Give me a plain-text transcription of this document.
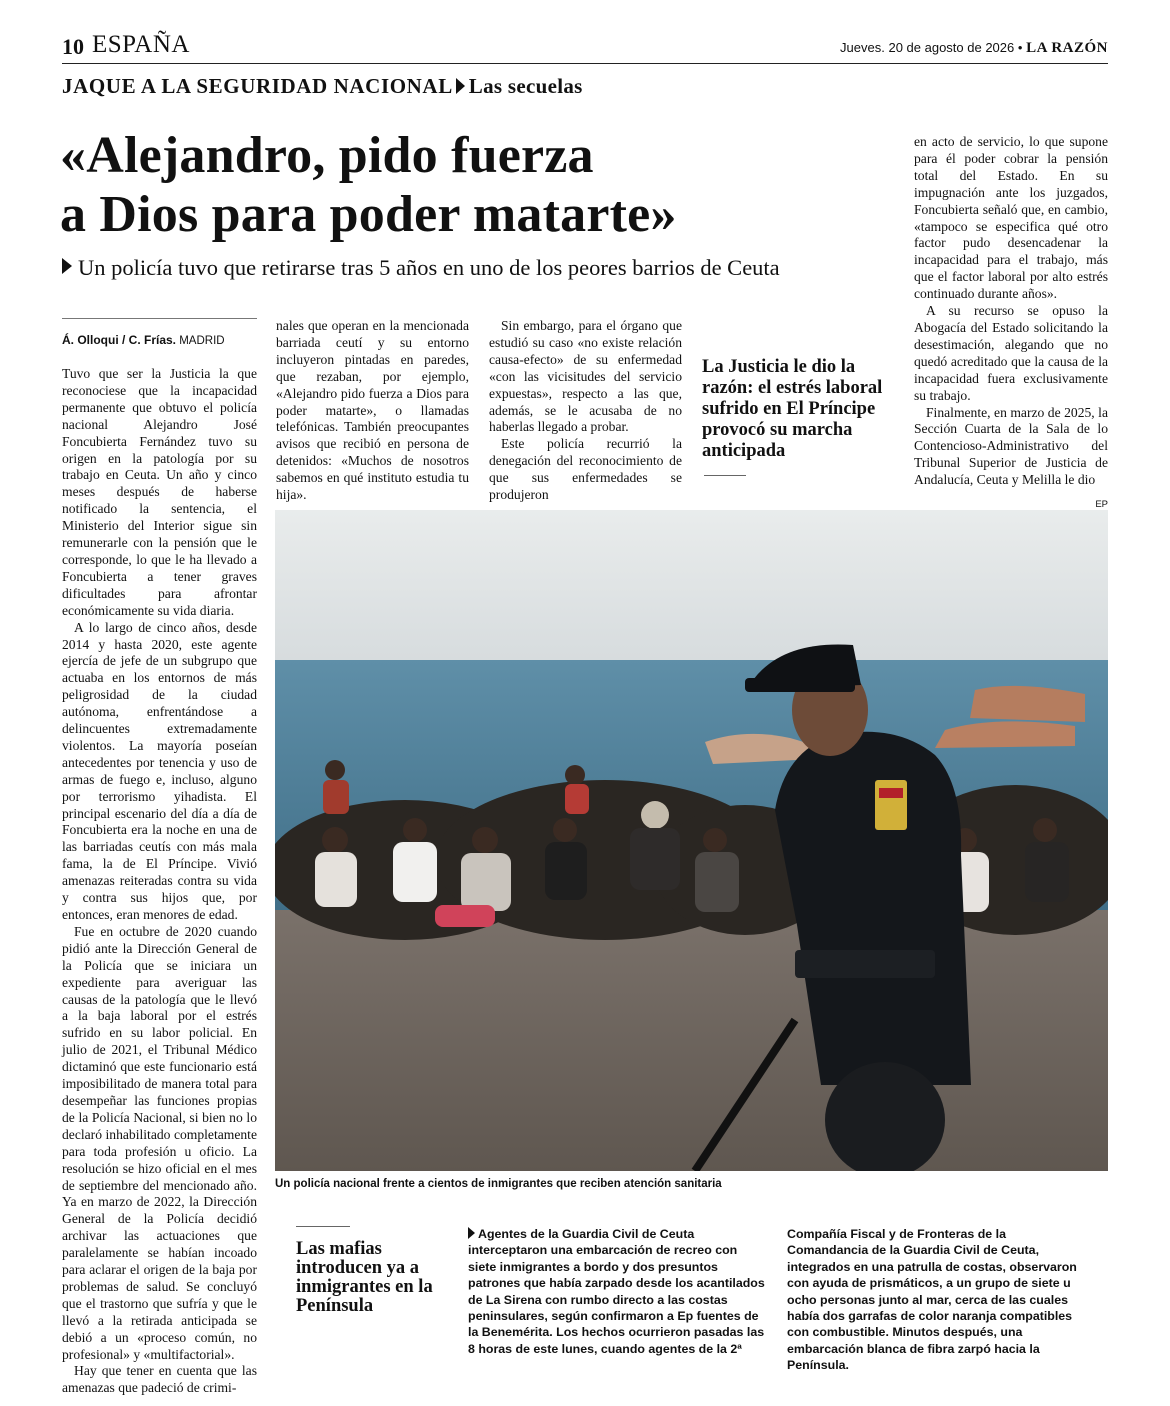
10 ESPAÑA	Jueves. 20 de agosto de 2026 • LA RAZÓN
JAQUE A LA SEGURIDAD NACIONAL Las secuelas
«Alejandro, pido fuerza
a Dios para poder matarte»
Un policía tuvo que retirarse tras 5 años en uno de los peores barrios de Ceuta
Á. Olloqui / C. Frías. MADRID

Tuvo que ser la Justicia la que reconociese que la incapacidad permanente que obtuvo el policía nacional Alejandro José Foncubierta Fernández tuvo su origen en la patología por su trabajo en Ceuta. Un año y cinco meses después de haberse notificado la sentencia, el Ministerio del Interior sigue sin remunerarle con la pensión que le corresponde, lo que le ha llevado a Foncubierta a tener graves dificultades para afrontar económicamente su vida diaria.

A lo largo de cinco años, desde 2014 y hasta 2020, este agente ejercía de jefe de un subgrupo que actuaba en los entornos de más peligrosidad de la ciudad autónoma, enfrentándose a delincuentes extremadamente violentos. La mayoría poseían antecedentes por tenencia y uso de armas de fuego e, incluso, alguno por terrorismo yihadista. El principal escenario del día a día de Foncubierta era la noche en una de las barriadas ceutís con más mala fama, la de El Príncipe. Vivió amenazas reiteradas contra su vida y contra sus hijos que, por entonces, eran menores de edad.

Fue en octubre de 2020 cuando pidió ante la Dirección General de la Policía que se iniciara un expediente para averiguar las causas de la patología que le llevó a la baja laboral por el estrés sufrido en su labor policial. En julio de 2021, el Tribunal Médico dictaminó que este funcionario está imposibilitado de manera total para desempeñar las funciones propias de la Policía Nacional, si bien no lo declaró inhabilitado completamente para toda profesión u oficio. La resolución se hizo oficial en el mes de septiembre del mencionado año. Ya en marzo de 2022, la Dirección General de la Policía decidió archivar las actuaciones que paralelamente se habían incoado para aclarar el origen de la baja por problemas de salud. Se concluyó que el trastorno que sufría y que le llevó a la retirada anticipada se debió a un «proceso común, no profesional» y «multifactorial».

Hay que tener en cuenta que las amenazas que padeció de crimi-

nales que operan en la mencionada barriada ceutí y su entorno incluyeron pintadas en paredes, que rezaban, por ejemplo, «Alejandro pido fuerza a Dios para poder matarte», o llamadas telefónicas. También preocupantes avisos que recibió en persona de detenidos: «Muchos de nosotros sabemos en qué instituto estudia tu hija».

Sin embargo, para el órgano que estudió su caso «no existe relación causa-efecto» de su enfermedad «con las vicisitudes del servicio expuestas», respecto a las que, además, se le acusaba de no haberlas llegado a probar.

Este policía recurrió la denegación del reconocimiento de que sus enfermedades se produjeron

La Justicia le dio la razón: el estrés laboral sufrido en El Príncipe provocó su marcha anticipada

en acto de servicio, lo que supone para él poder cobrar la pensión total del Estado. En su impugnación ante los juzgados, Foncubierta señaló que, en cambio, «tampoco se especifica qué otro factor pudo desencadenar la incapacidad para el trabajo, más que el factor laboral por alto estrés continuado durante años».

A su recurso se opuso la Abogacía del Estado solicitando la desestimación, alegando que no quedó acreditado que la causa de la incapacidad fuera exclusivamente su trabajo.

Finalmente, en marzo de 2025, la Sección Cuarta de la Sala de lo Contencioso-Administrativo del Tribunal Superior de Justicia de Andalucía, Ceuta y Melilla le dio

EP
Un policía nacional frente a cientos de inmigrantes que reciben atención sanitaria
Las mafias introducen ya a inmigrantes en la Península
Agentes de la Guardia Civil de Ceuta interceptaron una embarcación de recreo con siete inmigrantes a bordo y dos presuntos patrones que había zarpado desde los acantilados de La Sirena con rumbo directo a las costas peninsulares, según confirmaron a Ep fuentes de la Benemérita. Los hechos ocurrieron pasadas las 8 horas de este lunes, cuando agentes de la 2ª
Compañía Fiscal y de Fronteras de la Comandancia de la Guardia Civil de Ceuta, integrados en una patrulla de costas, observaron con ayuda de prismáticos, a un grupo de siete u ocho personas junto al mar, cerca de las cuales había dos garrafas de color naranja compatibles con combustible. Minutos después, una embarcación blanca de fibra zarpó hacia la Península.
